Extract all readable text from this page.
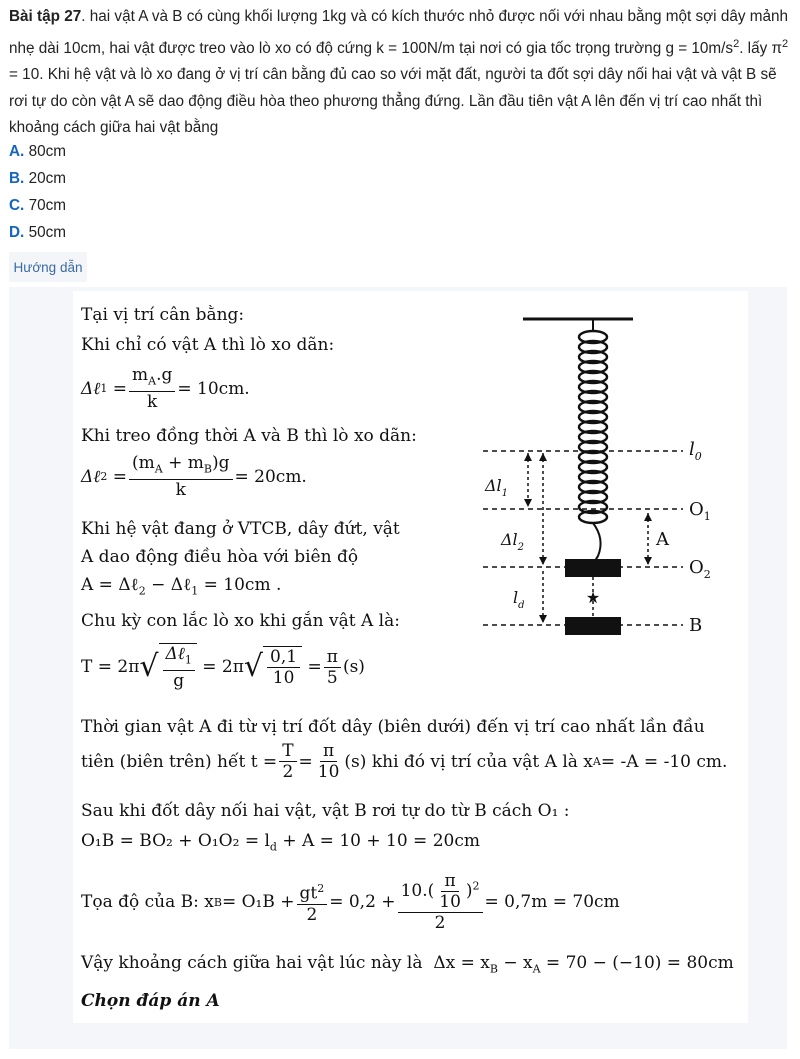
Bài tập 27. hai vật A và B có cùng khối lượng 1kg và có kích thước nhỏ được nối với nhau bằng một sợi dây mảnh nhẹ dài 10cm, hai vật được treo vào lò xo có độ cứng k = 100N/m tại nơi có gia tốc trọng trường $g = 10m/s^2$. lấy $\pi^2 = 10$. Khi hệ vật và lò xo đang ở vị trí cân bằng đủ cao so với mặt đất, người ta đốt sợi dây nối hai vật và vật B sẽ rơi tự do còn vật A sẽ dao động điều hòa theo phương thẳng đứng. Lần đầu tiên vật A lên đến vị trí cao nhất thì khoảng cách giữa hai vật bằng
A. 80cm
B. 20cm
C. 70cm
D. 50cm
Hướng dẫn
Tại vị trí cân bằng:
Khi chỉ có vật A thì lò xo dãn:
Δℓ $1 = \frac{m_A.g}{k} = 10cm$.
Khi treo đồng thời A và B thì lò xo dãn:
Δℓ $2 = \frac{(m_A + m_B)g}{k} = 20cm$.
Khi hệ vật đang ở VTCB, dây đứt, vật
A dao động điều hòa với biên độ
A = Δℓ$_2$ − Δℓ$_1$ = 10cm .
Chu kỳ con lắc lò xo khi gắn vật A là:
T = 2π √ $\frac{\Delta\ell_1}{g}$
= 2π √ $\frac{0,1}{10} = \frac{\pi}{5} (s)$
Thời gian vật A đi từ vị trí đốt dây (biên dưới) đến vị trí cao nhất lần đầu
tiên (biên trên) hết $t = \frac{T}{2} = \frac{\pi}{10} (s)$ khi đó vị trí của vật A là x A = -A = -10 cm.
Sau khi đốt dây nối hai vật, vật B rơi tự do từ B cách O₁ :
$O_1B = BO_2 + O_1O_2 = l_d + A = 10 + 10 = 20cm$
Tọa độ của B: x $B = O_1B + \frac{gt^2}{2} = 0,2 + \frac{10.( \frac{\pi}{10} )^2}{2} = 0,7m = 70cm$
Vậy khoảng cách giữa hai vật lúc này là $\Delta x = x_B - x_A = 70 - (-10) = 80cm$
Chọn đáp án A
★
$l_0$
$O_1$
$O_2$
B
A
$\Delta l_1$
$\Delta l_2$
$l_d$
